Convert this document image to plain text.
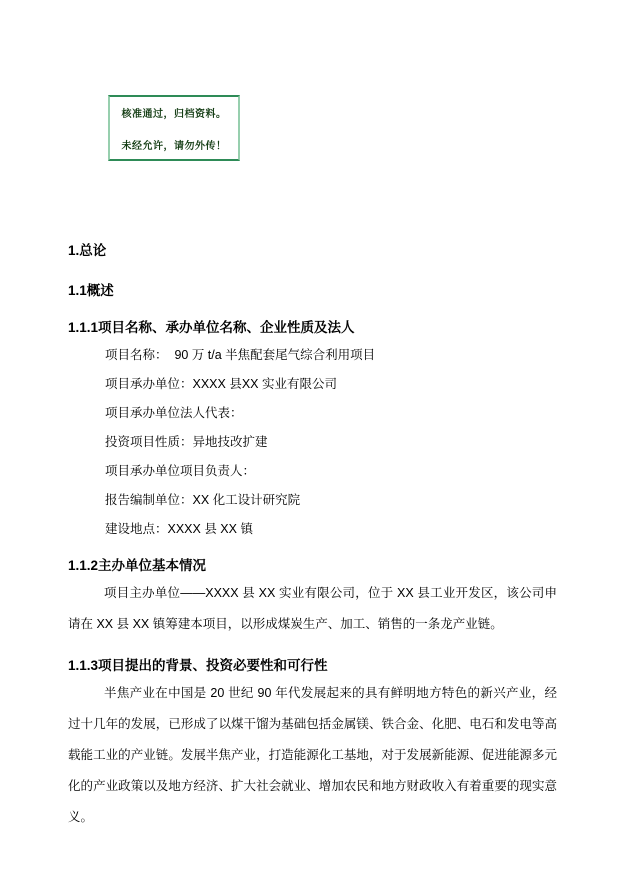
核准通过，归档资料。
未经允许，请勿外传！
1.总论
1.1概述
1.1.1项目名称、承办单位名称、企业性质及法人
项目名称：  90 万 t/a 半焦配套尾气综合利用项目
项目承办单位：XXXX 县XX 实业有限公司
项目承办单位法人代表：
投资项目性质：异地技改扩建
项目承办单位项目负责人：
报告编制单位：XX 化工设计研究院
建设地点：XXXX 县 XX 镇
1.1.2主办单位基本情况

项目主办单位——XXXX 县 XX 实业有限公司，位于 XX 县工业开发区，该公司申请在 XX 县 XX 镇筹建本项目，以形成煤炭生产、加工、销售的一条龙产业链。

1.1.3项目提出的背景、投资必要性和可行性

半焦产业在中国是 20 世纪 90 年代发展起来的具有鲜明地方特色的新兴产业，经过十几年的发展，已形成了以煤干馏为基础包括金属镁、铁合金、化肥、电石和发电等高载能工业的产业链。发展半焦产业，打造能源化工基地，对于发展新能源、促进能源多元化的产业政策以及地方经济、扩大社会就业、增加农民和地方财政收入有着重要的现实意义。
